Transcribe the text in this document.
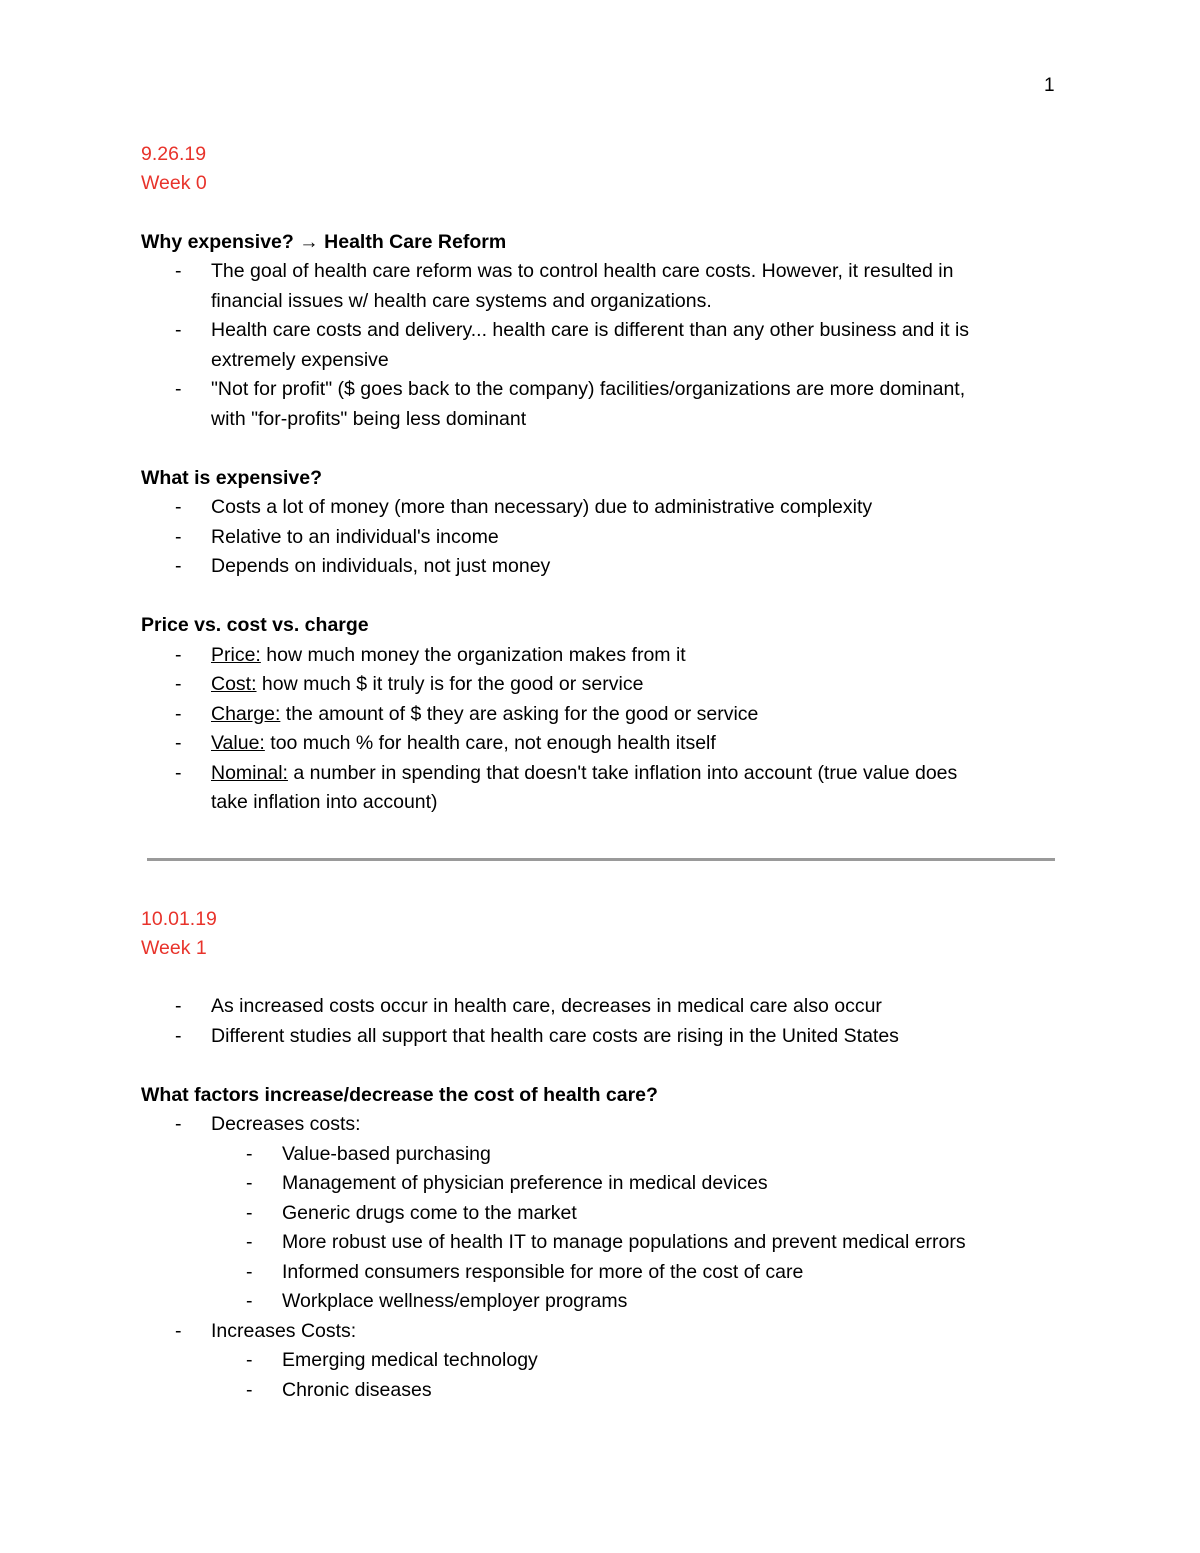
1
9.26.19
Week 0
Why expensive? → Health Care Reform
- The goal of health care reform was to control health care costs. However, it resulted in
financial issues w/ health care systems and organizations.
- Health care costs and delivery... health care is different than any other business and it is
extremely expensive
- "Not for profit" ($ goes back to the company) facilities/organizations are more dominant,
with "for-profits" being less dominant
What is expensive?
- Costs a lot of money (more than necessary) due to administrative complexity
- Relative to an individual's income
- Depends on individuals, not just money
Price vs. cost vs. charge
- Price: how much money the organization makes from it
- Cost: how much $ it truly is for the good or service
- Charge: the amount of $ they are asking for the good or service
- Value: too much % for health care, not enough health itself
- Nominal: a number in spending that doesn't take inflation into account (true value does
take inflation into account)
10.01.19
Week 1
- As increased costs occur in health care, decreases in medical care also occur
- Different studies all support that health care costs are rising in the United States
What factors increase/decrease the cost of health care?
- Decreases costs:
- Value-based purchasing
- Management of physician preference in medical devices
- Generic drugs come to the market
- More robust use of health IT to manage populations and prevent medical errors
- Informed consumers responsible for more of the cost of care
- Workplace wellness/employer programs
- Increases Costs:
- Emerging medical technology
- Chronic diseases
